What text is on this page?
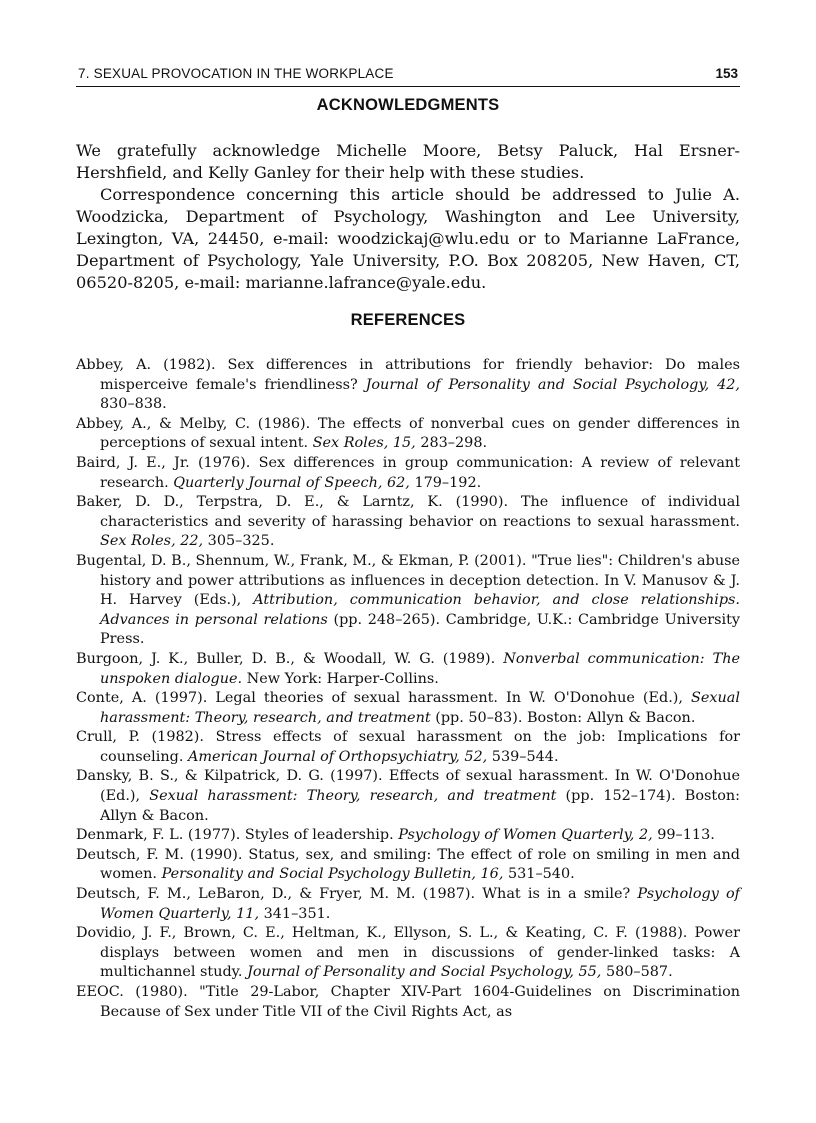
7. SEXUAL PROVOCATION IN THE WORKPLACE	153
ACKNOWLEDGMENTS

We gratefully acknowledge Michelle Moore, Betsy Paluck, Hal Ersner-Hershfield, and Kelly Ganley for their help with these studies.

Correspondence concerning this article should be addressed to Julie A. Woodzicka, Department of Psychology, Washington and Lee University, Lexington, VA, 24450, e-mail: woodzickaj@wlu.edu or to Marianne LaFrance, Department of Psychology, Yale University, P.O. Box 208205, New Haven, CT, 06520-8205, e-mail: marianne.lafrance@yale.edu.

REFERENCES
Abbey, A. (1982). Sex differences in attributions for friendly behavior: Do males misperceive female's friendliness? Journal of Personality and Social Psychology, 42, 830–838.
Abbey, A., & Melby, C. (1986). The effects of nonverbal cues on gender differences in perceptions of sexual intent. Sex Roles, 15, 283–298.
Baird, J. E., Jr. (1976). Sex differences in group communication: A review of relevant research. Quarterly Journal of Speech, 62, 179–192.
Baker, D. D., Terpstra, D. E., & Larntz, K. (1990). The influence of individual characteristics and severity of harassing behavior on reactions to sexual harassment. Sex Roles, 22, 305–325.
Bugental, D. B., Shennum, W., Frank, M., & Ekman, P. (2001). "True lies": Children's abuse history and power attributions as influences in deception detection. In V. Manusov & J. H. Harvey (Eds.), Attribution, communication behavior, and close relationships. Advances in personal relations (pp. 248–265). Cambridge, U.K.: Cambridge University Press.
Burgoon, J. K., Buller, D. B., & Woodall, W. G. (1989). Nonverbal communication: The unspoken dialogue. New York: Harper-Collins.
Conte, A. (1997). Legal theories of sexual harassment. In W. O'Donohue (Ed.), Sexual harassment: Theory, research, and treatment (pp. 50–83). Boston: Allyn & Bacon.
Crull, P. (1982). Stress effects of sexual harassment on the job: Implications for counseling. American Journal of Orthopsychiatry, 52, 539–544.
Dansky, B. S., & Kilpatrick, D. G. (1997). Effects of sexual harassment. In W. O'Donohue (Ed.), Sexual harassment: Theory, research, and treatment (pp. 152–174). Boston: Allyn & Bacon.
Denmark, F. L. (1977). Styles of leadership. Psychology of Women Quarterly, 2, 99–113.
Deutsch, F. M. (1990). Status, sex, and smiling: The effect of role on smiling in men and women. Personality and Social Psychology Bulletin, 16, 531–540.
Deutsch, F. M., LeBaron, D., & Fryer, M. M. (1987). What is in a smile? Psychology of Women Quarterly, 11, 341–351.
Dovidio, J. F., Brown, C. E., Heltman, K., Ellyson, S. L., & Keating, C. F. (1988). Power displays between women and men in discussions of gender-linked tasks: A multichannel study. Journal of Personality and Social Psychology, 55, 580–587.
EEOC. (1980). "Title 29-Labor, Chapter XIV-Part 1604-Guidelines on Discrimination Because of Sex under Title VII of the Civil Rights Act, as
